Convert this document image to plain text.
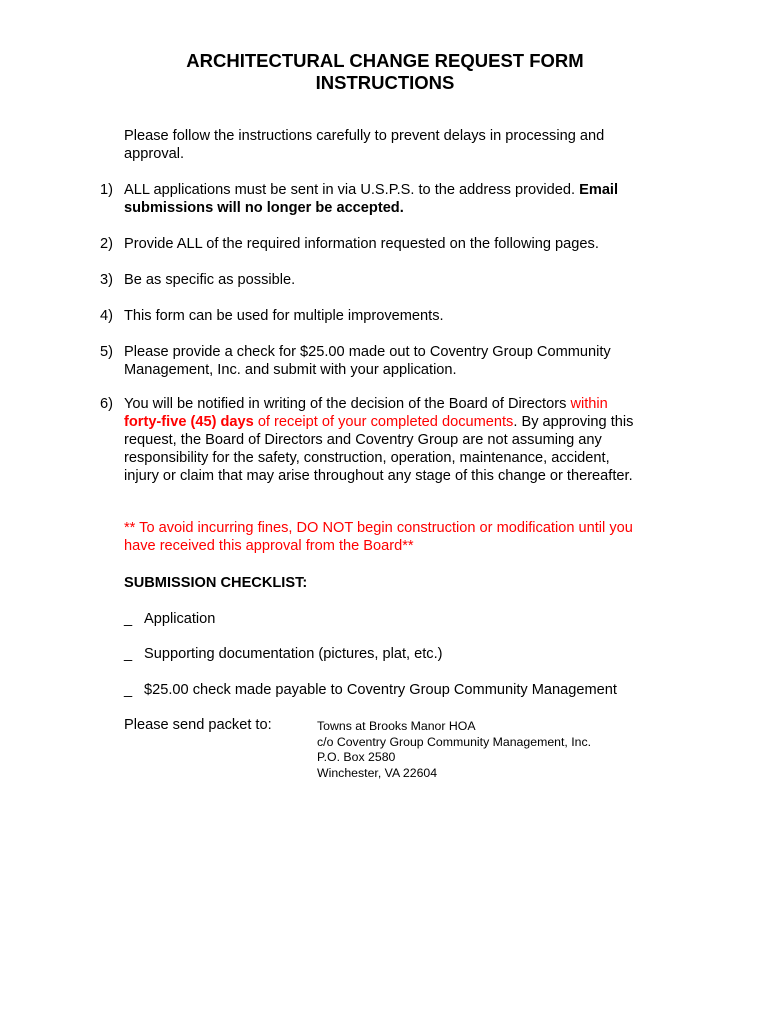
ARCHITECTURAL CHANGE REQUEST FORM
INSTRUCTIONS
Please follow the instructions carefully to prevent delays in processing and approval.
1) ALL applications must be sent in via U.S.P.S. to the address provided. Email submissions will no longer be accepted.
2) Provide ALL of the required information requested on the following pages.
3) Be as specific as possible.
4) This form can be used for multiple improvements.
5) Please provide a check for $25.00 made out to Coventry Group Community Management, Inc. and submit with your application.
6) You will be notified in writing of the decision of the Board of Directors within forty-five (45) days of receipt of your completed documents. By approving this request, the Board of Directors and Coventry Group are not assuming any responsibility for the safety, construction, operation, maintenance, accident, injury or claim that may arise throughout any stage of this change or thereafter.
** To avoid incurring fines, DO NOT begin construction or modification until you have received this approval from the Board**
SUBMISSION CHECKLIST:
_ Application
_ Supporting documentation (pictures, plat, etc.)
_ $25.00 check made payable to Coventry Group Community Management
Please send packet to:	Towns at Brooks Manor HOA
c/o Coventry Group Community Management, Inc.
P.O. Box 2580
Winchester, VA 22604
